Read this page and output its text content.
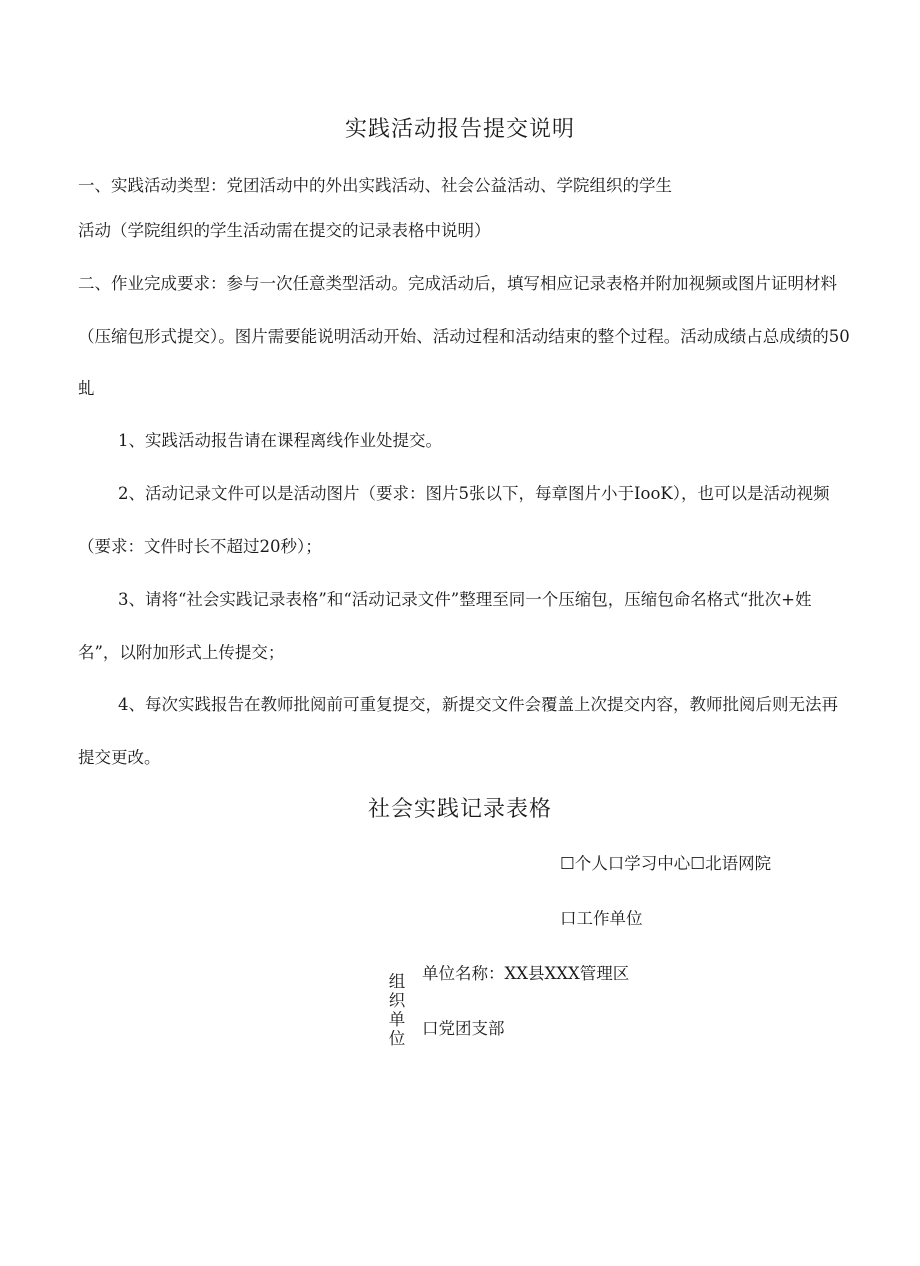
实践活动报告提交说明
一、实践活动类型：党团活动中的外出实践活动、社会公益活动、学院组织的学生
活动（学院组织的学生活动需在提交的记录表格中说明）
二、作业完成要求：参与一次任意类型活动。完成活动后，填写相应记录表格并附加视频或图片证明材料
（压缩包形式提交）。图片需要能说明活动开始、活动过程和活动结束的整个过程。活动成绩占总成绩的50
虬
1、实践活动报告请在课程离线作业处提交。
2、活动记录文件可以是活动图片（要求：图片5张以下，每章图片小于IooK），也可以是活动视频
（要求：文件时长不超过20秒）；
3、请将“社会实践记录表格”和“活动记录文件”整理至同一个压缩包，压缩包命名格式“批次+姓
名”，以附加形式上传提交；
4、每次实践报告在教师批阅前可重复提交，新提交文件会覆盖上次提交内容，教师批阅后则无法再
提交更改。
社会实践记录表格
☐个人口学习中心☐北语网院
口工作单位
单位名称：XX县XXX管理区
口党团支部
组
织
单
位
